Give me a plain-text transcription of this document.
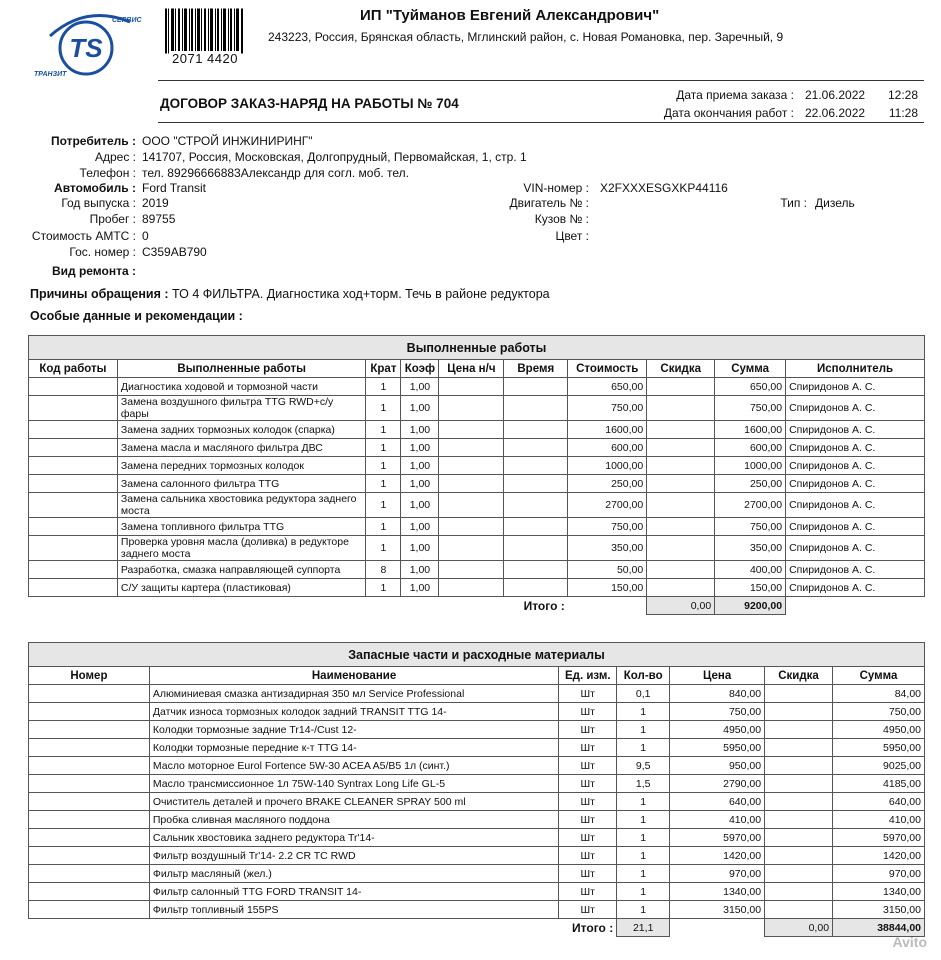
TS
СЕРВИС
ТРАНЗИТ
2071 4420
ИП "Туйманов Евгений Александрович"
243223, Россия, Брянская область, Мглинский район, с. Новая Романовка, пер. Заречный, 9
ДОГОВОР ЗАКАЗ-НАРЯД НА РАБОТЫ № 704
Дата приема заказа : 21.06.2022 12:28
Дата окончания работ : 22.06.2022 11:28
Потребитель : ООО "СТРОЙ ИНЖИНИРИНГ"
Адрес : 141707, Россия, Московская, Долгопрудный, Первомайская, 1, стр. 1
Телефон : тел. 89296666883Александр для согл. моб. тел.
Автомобиль : Ford Transit
Год выпуска : 2019
Пробег : 89755
Стоимость АМТС : 0
Гос. номер : С359АВ790
Вид ремонта :
VIN-номер : X2FXXXESGXKP44116
Двигатель № :
Кузов № :
Цвет :
Тип : Дизель
Причины обращения : ТО 4 ФИЛЬТРА. Диагностика ход+торм. Течь в районе редуктора
Особые данные и рекомендации :
Выполненные работы									
Код работы	Выполненные работы	Крат	Коэф	Цена н/ч	Время	Стоимость	Скидка	Сумма	Исполнитель
	Диагностика ходовой и тормозной части	1	1,00			650,00		650,00	Спиридонов А. С.
	Замена воздушного фильтра TTG RWD+с/у фары	1	1,00			750,00		750,00	Спиридонов А. С.
	Замена задних тормозных колодок (спарка)	1	1,00			1600,00		1600,00	Спиридонов А. С.
	Замена масла и масляного фильтра ДВС	1	1,00			600,00		600,00	Спиридонов А. С.
	Замена передних тормозных колодок	1	1,00			1000,00		1000,00	Спиридонов А. С.
	Замена салонного фильтра TTG	1	1,00			250,00		250,00	Спиридонов А. С.
	Замена сальника хвостовика редуктора заднего моста	1	1,00			2700,00		2700,00	Спиридонов А. С.
	Замена топливного фильтра TTG	1	1,00			750,00		750,00	Спиридонов А. С.
	Проверка уровня масла (доливка) в редукторе заднего моста	1	1,00			350,00		350,00	Спиридонов А. С.
	Разработка, смазка направляющей суппорта	8	1,00			50,00		400,00	Спиридонов А. С.
	С/У защиты картера (пластиковая)	1	1,00			150,00		150,00	Спиридонов А. С.
Итого :							0,00	9200,00	
Запасные части и расходные материалы						
Номер	Наименование	Ед. изм.	Кол-во	Цена	Скидка	Сумма
	Алюминиевая смазка антизадирная 350 мл Service Professional	Шт	0,1	840,00		84,00
	Датчик износа тормозных колодок задний TRANSIT TTG 14-	Шт	1	750,00		750,00
	Колодки тормозные задние Tr14-/Cust 12-	Шт	1	4950,00		4950,00
	Колодки тормозные передние к-т TTG 14-	Шт	1	5950,00		5950,00
	Масло моторное Eurol Fortence 5W-30 ACEA A5/B5 1л (синт.)	Шт	9,5	950,00		9025,00
	Масло трансмиссионное 1л 75W-140 Syntrax Long Life GL-5	Шт	1,5	2790,00		4185,00
	Очиститель деталей и прочего BRAKE CLEANER SPRAY 500 ml	Шт	1	640,00		640,00
	Пробка сливная масляного поддона	Шт	1	410,00		410,00
	Сальник хвостовика заднего редуктора Tr'14-	Шт	1	5970,00		5970,00
	Фильтр воздушный Tr'14- 2.2 CR TC RWD	Шт	1	1420,00		1420,00
	Фильтр масляный (жел.)	Шт	1	970,00		970,00
	Фильтр салонный TTG FORD TRANSIT 14-	Шт	1	1340,00		1340,00
	Фильтр топливный 155PS	Шт	1	3150,00		3150,00
Итого :			21,1		0,00	38844,00
Avito
